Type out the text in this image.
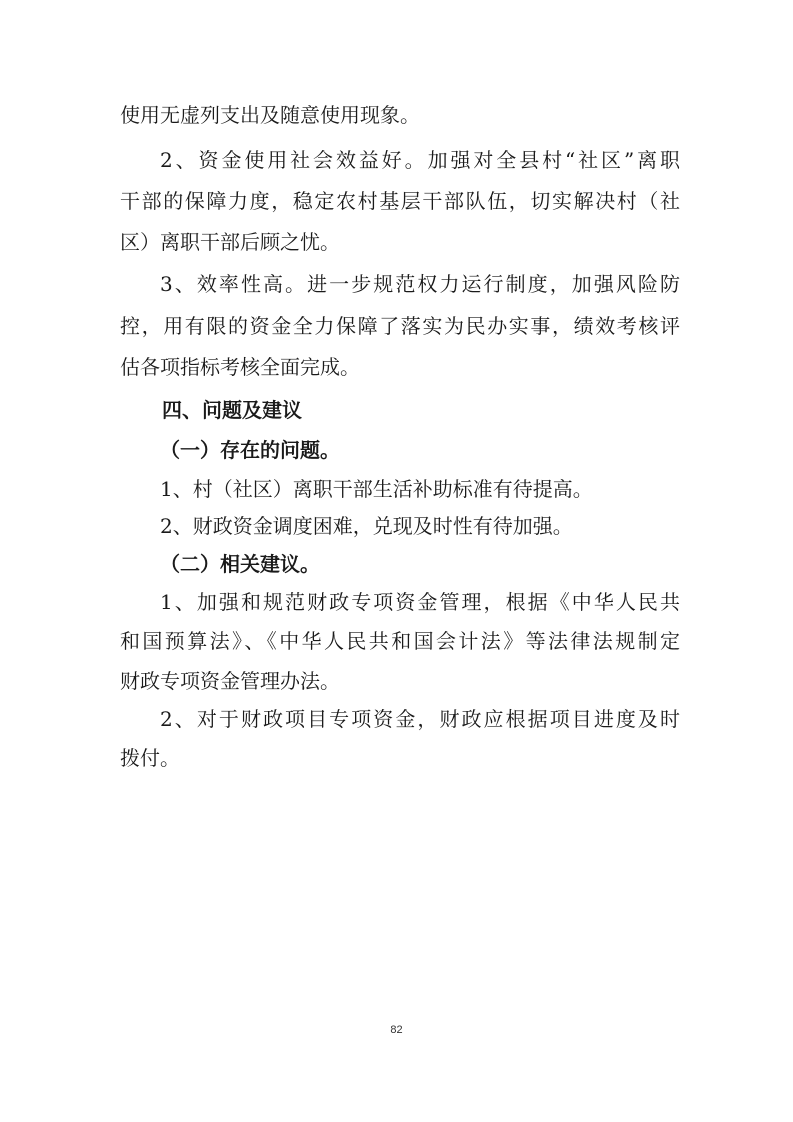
使用无虚列支出及随意使用现象。
2、资金使用社会效益好。加强对全县村“社区”离职
干部的保障力度，稳定农村基层干部队伍，切实解决村（社
区）离职干部后顾之忧。
3、效率性高。进一步规范权力运行制度，加强风险防
控，用有限的资金全力保障了落实为民办实事，绩效考核评
估各项指标考核全面完成。
四、问题及建议
（一）存在的问题。
1、村（社区）离职干部生活补助标准有待提高。
2、财政资金调度困难，兑现及时性有待加强。
（二）相关建议。
1、加强和规范财政专项资金管理，根据《中华人民共
和国预算法》、《中华人民共和国会计法》等法律法规制定
财政专项资金管理办法。
2、对于财政项目专项资金，财政应根据项目进度及时
拨付。
82
